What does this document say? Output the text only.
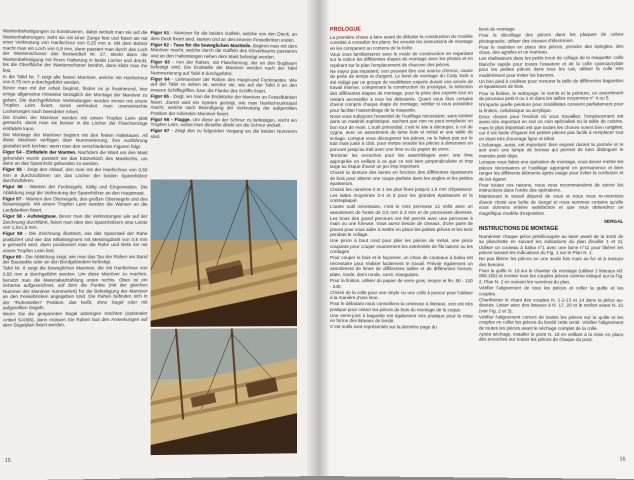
Wantenbefestigungen zu konstruieren, dabei wickelt man sie auf die Wantenhalterungen; zieht sie mit einer Zange fest und fixiert sie mit einer Verknotung von Hanfschnur von 0,25 mm ø. Mit dem Bohrer macht man ein Loch von 0,8 mm, dann passiert man durch das Loch der Wantenschoner das Bestandteil Nr. 27, steckt dann die Wantenbefestigung mit ihrem Halterung in beide Löcher und drückt, bis die Oberfläche der Wantenschoner berührt, dann klebt man ihn fest.

In die Tafel Nr. 7 zeigt alle festen Manöver, welche mit Hanfschnur von 0,75 mm ø durchgeführt werden.

Bevor man mit der Arbeit beginnt, finden es ja frustrierend, hier einige allgemeine Hinweise bezüglich der Montage der Manöver zu geben. Die durchgeführten Verbindungen werden immer mit einem Tropfen Leim fixiert, somit verhindert man unerwünschte Lockerungen nach beendeter Arbeit.

Die Enden der Manöver werden mit einem Tropfen Leim platt gemacht, damit man sie besser in die Löcher der Flaschenzüge einfädeln kann.

Die Montage der Manöver beginnt mit den festen Haltetauen. All diese Manöver verfügen über Nummerierung, ihre Ausführung gestaltet sich leichter, wenn man den verschiedenen Figuren folgt.

Figur 54 - Einfädeln der Wanten. Nachdem die Want um den Mast gebunden wurde passiert sie das Katzenloch des Mastkorbs, um dann an das Spannholz gebunden zu werden.

Figur 55 - Zeigt den Ablauf, den man mit der Hanfschnur von 0,50 mm ø durchzuführen um das Löcher der beiden Spannhölzer durchzuführen.

Figur 56 - Wanten der Focksegels, Käfig und Eingeweiden. Die Abbildung zeigt die Verknotung der Spannhölzer an den Hauptmast.

Figur 57 - Wanten des Obersegels, des großen Obersegels und des Besansegels. Mit einem Tropfen Leim werden die Wanten an die Laufplanken fixiert.

Figur 58 - Aufsteigtaue. Bevor man die Verknotungen wie auf der Zeichnung durchführt, fixiert man über den Spannhölzern eine Leiste von 1,5x1,5 mm.

Figur 59 - Die Zeichnung illustriert, wie das Spannseil der Rahe praktiziert und wie das Mittelsegment mit Messingdraht von 0,8 mm ø gemacht wird, dann positioniert man die Rahe und klebt sie mit einem Tropfen Leim fest.

Figur 60 - Die Abbildung zeigt, wie man das Tau der Rahen am Band der Baustahle oder an den Bordgeländern befestigt.

Tafel Nr. 8 zeigt die beweglichen Manöver, die mit Hanfschnur von 0,50 mm ø durchgeführt werden. Um diese Manöver zu machen, benutzt man die Materialaufzählung unten rechts. Oben ist ein Schema aufgezeichnet, auf dem die Punkte (mit der gleichen Nummer der Manöver nummeriert) für die Befestigung der Manöver an den Fessebricken angegeben sind. Die Rahen befinden sich in der "Ruhestellen" Position, das heißt, ohne Segel oder mit aufgerollten Segeln.

Wenn Sie die gespannten Segel anbringen möchten (optionaler Artikel SA006), dann müssen Sie Rahen laut den Anweisungen auf dem Segelplan fixiert werden.

Figur 61 - Manöver für die beiden Gaffeln, welche von den Dieck, an dem Deck fixiert sind, starten und an den inneren Fesselkröten enden.

Figur 62 - Taue für die beweglichen Mastteile. Beginnt man mit dem Manöver macht, welche durch die Gaffeln des Klüverbaums passieren und an den Haltestangen neben dem Mast befestigt werden.

Figur 63 - Ann der Rahen, mit Flaschenzug, der an den Bugbaum befestigt wird. Die Endstelle der Manöver werden nach der Tafel Nummerierung auf Tafel 8 durchgeführt.

Figur 64 - Leitmanöver der Rahen des Haupt-und Fockmastes. Wie auf der Tafel zu sehen ist, werden sie, wie auf der Tafel 8 an den inneren Schiffsgriffen, bzw. die Flanke des Schiffs fixiert.

Figur 65 - Zeigt, wo man die Endstücke der Manöver an Fesselbänken fixiert. Zuerst wird ein System gezeigt, wie man Hanfschnurknäuel macht, welche nach Beendigung der Verknotung der aufgerollten Position der ruhenden Manöver fixiert.

Figur 66 - Flagge. Um diese an der Schnur zu befestigen, reicht ein Tropfen Leim, wobei man dieselbe direkt um die Schnur wickelt.

Figur 67 - Zeigt den zu folgenden Vorgang wo die beiden Nummern sind.

15
PROLOGUE

La première chose à faire avant de débuter la construction du modèle consiste à consulter les plans; lire ensuite les instructions de montage en les comparant au contenu de la boîte.

Vous vous familiariserez avec le mode de construction en regardant sur la notice les différentes étapes de montage avec les photos et en repérant sur le plan l'emplacement de chacune des pièces.

Ne soyez pas impatient; ceci pouvant être une source d'erreur, cause de perte de temps et d'argent. Le livret de montage du Cutty Sark a été rédigé par un groupe de modélistes experts durant une année de travail intense, comprenant la construction du prototype, la sélection des différentes étapes de montage, pour la prise des experts tout en restant accessible à tous les débutants. Quant vous êtes certains d'avoir compris chaque étape de montage, vérifier si vous possédez pour faciliter l'assemblage de la maquette.

Nous vous indiquons l'essentiel de l'outillage nécessaire, sans tomber dans un matériel sophistiqué, sachant que rien ne peut remplacer un bon tour de main. L'outil primordial, c'est le site à découper, à col de cygne, avec un assortiment de lame bois et métal et une table de scriage. Lorsque vous découperez les pièces, ne le faites pas sur le trait mais juste à côté, pour mettre ensuite les pièces à dimension en poncant jusqu'au trait avec une lime ou du papier de verre.

Terminer les encoches pour les assemblages avec une lime appropriée en veillant à ce que ce soit bien perpendiculaire et trop large au risque d'avoir un jeu trop important.

Choisir la denture des lames en fonction des différentes épaisseurs de bois pour obtenir une coupe parfaite dans les angles et les petites épaisseurs.

Choisir les numéros 0 et 1 les plus fines jusqu'à 1,5 mm d'épaisseur. Les lattes moyennes 3-4 et 5 pour les grandes épaisseurs et le contreplaqué.

L'autre outil nécessaire, c'est le mini perceuse 12 Volts avec un assortiment de forets de 0,5 mm à 3 mm et de ponceuses diverses. Les trous des grand perceurs ont été percés avec une perceuse à main ou une foreuse. Vous aurez besoin de ciseaux, d'une paire de pinces pour vous aider à mettre en place les petites pièces et les tenir pendant le collage.

Une pince à bout rond pour plier les pièces de métal, une pince coupante pour couper exactement les extrémités de fils laitons ou les cordages.

Pour couper le bois et le façonner, un choix de couteaux à balsa est nécessaire pour réaliser facilement le travail. Prévoir également un assortiment de limes de différentes tailles et de différentes formes: plate, ronde, demi ronde, carré, triangulaire.

Pour la finition, utiliser du papier de verre gros, moyen et fin: 80 - 120 - 240.

Choisir de la colle pour une vinyle ou une colle à poncer pour l'utiliser à la manière d'une lime.

Pour le débutant nous conseillons la cintreuse à listeaux, ceci est très pratique pour cintrer les pièces de bois du montage de la coque.

Une serre-joint à baguette est également très pratique pour la mise en forme des listeaux de bordé.

C'est outils sont représentés sur la dernière page du

livret de montage.

Pour le décollage des pièces dans les plaques de culure photogravée, utiliser des ciseaux d'électricien.

Pour le maintien en place des pièces, prendre des épingles, des clous, des agrafes et un marteau.

Les réalisateurs dans les petits trous de collage de la maquette: colle blanche rapide pour toutes l'essature et de la colle cyanoacrylate pour les petites pièces dans tous les cas, utiliser la colle très modérément pour éviter les bavures.

Un bon pied à coulisse pour mesurer la taille de différentes baguettes et épaisseurs de bois.

Pour la finition, le nettoyage, le vernis et la peinture, un assortiment de pinceaux petit 0 ou 1 et dans les tailles moyennes n° 4 ou 5.

N'importe quelle peinture pour modélistes convient parfaitement pour la finition, cellulosique ou acrylique.

Deux choses pour l'endroit où vous travaillez, l'emplacement est aussi très important en soit un coin spécialisé ou la table de cuisine, mais le plus important est que toutes les choses soient bien rangées, car il est facile d'égarer les petites pièces pas facile à remplacer tout en étant très d'ouvrage ligne et idéal.

L'éclairage, aussi, est important: bien exposé durant la journée et le soir avec une lampe de bureau qui permet de bien distinguer le moindre petit objet.

Lorsque vous faites une opération de montage, vous devez mettre les pièces nécessaires et l'outillage approprié en permanence et bien ranger les différents éléments après usage pour éviter la confusion et de les égarer.

Pour toutes ces raisons, nous vous recommandons de suivre les instructions dans l'ordre des opérations.

Maintenant le travail dépend de vous et nous vous re-mercions d'avoir choisi une boîte de Sergal et nous sommes certains qu'elle vous donnera entière satisfaction et que vous obtiendrez un magnifique modèle d'exposition.

SERGAL
INSTRUCTIONS DE MONTAGE

Numéroter chaque pièce prédécoupée au laser avant de la sortir de sa planchette en suivant les indications du plan (feuillet 1 et 2). Utiliser un couteau à balsa n°1 avec une lame n°11 pour libérer les pièces suivant les indications du Fig. 1 sur le Plan N. 1.

Ne pas libérer les pièces en une seule fois mais au fur et à mesure des besoins.

Fixer la quille N. 15 sur le chantier de montage (utiliser 2 listeaux réf. 068.155) et monter tous les couples pièces comme indiqué sur la Fig. 2, Plan N. 2 en suivant les numéros du plan.

Vérifier l'alignement de tous les pièces et coller la quille et les couples.

Chanfreiner le chant des couples N. 1-2-13 et 14 dans la pièce au-dessus. Lisser avec des listeaux à N. 17, 20 et le renfort avant N. 21 (voir Fig. 2 et 3).

Vérifier l'alignement correct de toutes les pièces sur la quille et les couples en coller les pièces du bordé cette tenté. Vérifier l'alignement de toutes les pièces avant le séchage complet de la colle.

Après séchage, installer le point N. 18 en veillant à la mise en place des encoches sur toutes les pièces de chaque du pont.

16
